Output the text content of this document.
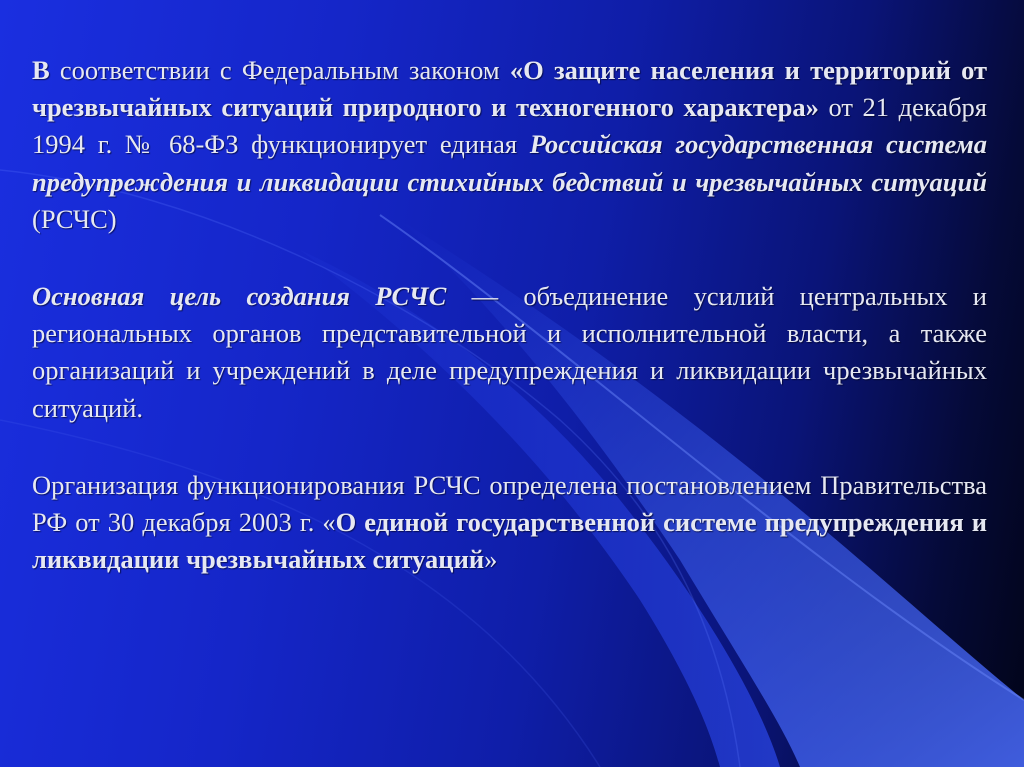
В соответствии с Федеральным законом «О защите населения и территорий от чрезвычайных ситуаций природного и техногенного характера» от 21 декабря 1994 г. № 68-ФЗ функционирует единая Российская государственная система предупреждения и ликвидации стихийных бедствий и чрезвычайных ситуаций (РСЧС)

Основная цель создания РСЧС — объединение усилий центральных и региональных органов представительной и исполнительной власти, а также организаций и учреждений в деле предупреждения и ликвидации чрезвычайных ситуаций.

Организация функционирования РСЧС определена постановлением Правительства РФ от 30 декабря 2003 г. «О единой государственной системе предупреждения и ликвидации чрезвычайных ситуаций»
